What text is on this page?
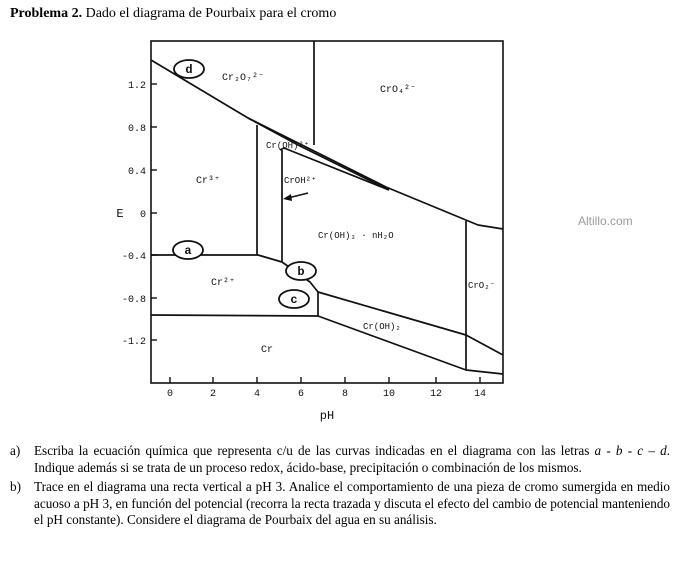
Problema 2. Dado el diagrama de Pourbaix para el cromo
1.2
0.8
0.4
0
-0.4
-0.8
-1.2
0	2	4	6	8	10	12	14
E
pH
Cr₂O₇²⁻
CrO₄²⁻
Cr(OH)²⁺
Cr³⁺	CrOH²⁺
Cr(OH)₃ · nH₂O
Cr²⁺	CrO₂⁻
Cr(OH)₂
Cr
d
a
b
c
Altillo.com
a) Escriba la ecuación química que representa c/u de las curvas indicadas en el diagrama con las letras a - b - c – d. Indique además si se trata de un proceso redox, ácido-base, precipitación o combinación de los mismos.
b) Trace en el diagrama una recta vertical a pH 3. Analice el comportamiento de una pieza de cromo sumergida en medio acuoso a pH 3, en función del potencial (recorra la recta trazada y discuta el efecto del cambio de potencial manteniendo el pH constante). Considere el diagrama de Pourbaix del agua en su análisis.
